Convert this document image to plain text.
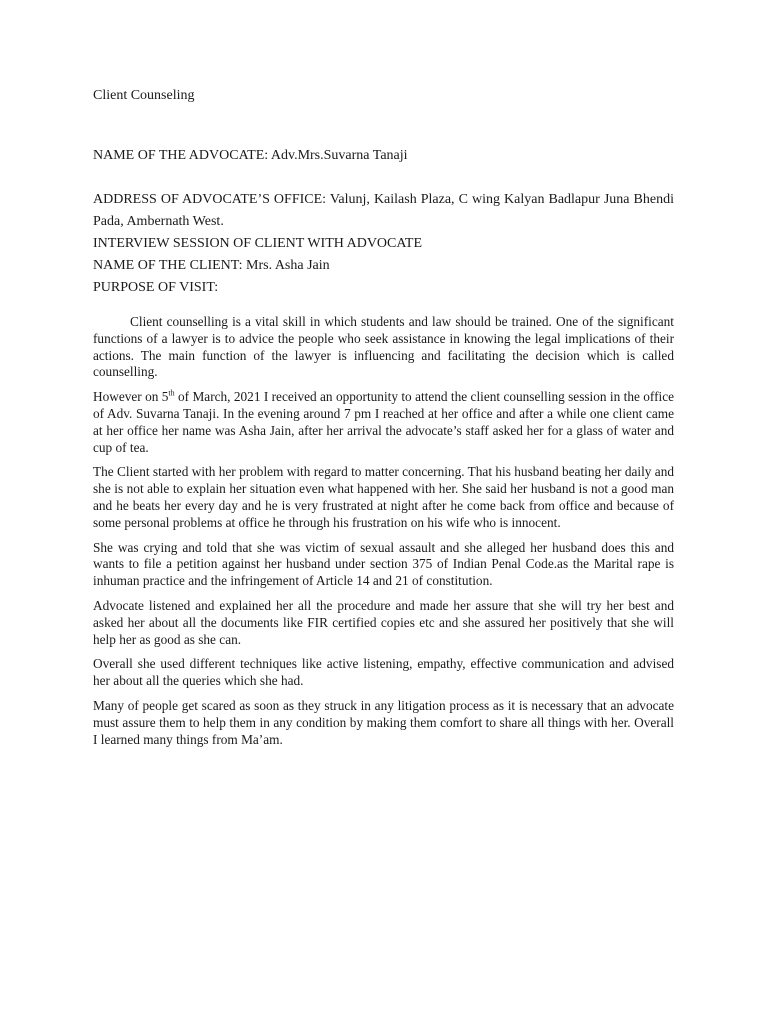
Client Counseling
NAME OF THE ADVOCATE: Adv.Mrs.Suvarna Tanaji
ADDRESS OF ADVOCATE’S OFFICE: Valunj, Kailash Plaza, C wing Kalyan Badlapur Juna Bhendi Pada, Ambernath West.
INTERVIEW SESSION OF CLIENT WITH ADVOCATE
NAME OF THE CLIENT: Mrs. Asha Jain
PURPOSE OF VISIT:

Client counselling is a vital skill in which students and law should be trained. One of the significant functions of a lawyer is to advice the people who seek assistance in knowing the legal implications of their actions. The main function of the lawyer is influencing and facilitating the decision which is called counselling.

However on 5th of March, 2021 I received an opportunity to attend the client counselling session in the office of Adv. Suvarna Tanaji. In the evening around 7 pm I reached at her office and after a while one client came at her office her name was Asha Jain, after her arrival the advocate’s staff asked her for a glass of water and cup of tea.

The Client started with her problem with regard to matter concerning. That his husband beating her daily and she is not able to explain her situation even what happened with her. She said her husband is not a good man and he beats her every day and he is very frustrated at night after he come back from office and because of some personal problems at office he through his frustration on his wife who is innocent.

She was crying and told that she was victim of sexual assault and she alleged her husband does this and wants to file a petition against her husband under section 375 of Indian Penal Code.as the Marital rape is inhuman practice and the infringement of Article 14 and 21 of constitution.

Advocate listened and explained her all the procedure and made her assure that she will try her best and asked her about all the documents like FIR certified copies etc and she assured her positively that she will help her as good as she can.

Overall she used different techniques like active listening, empathy, effective communication and advised her about all the queries which she had.

Many of people get scared as soon as they struck in any litigation process as it is necessary that an advocate must assure them to help them in any condition by making them comfort to share all things with her. Overall I learned many things from Ma’am.
